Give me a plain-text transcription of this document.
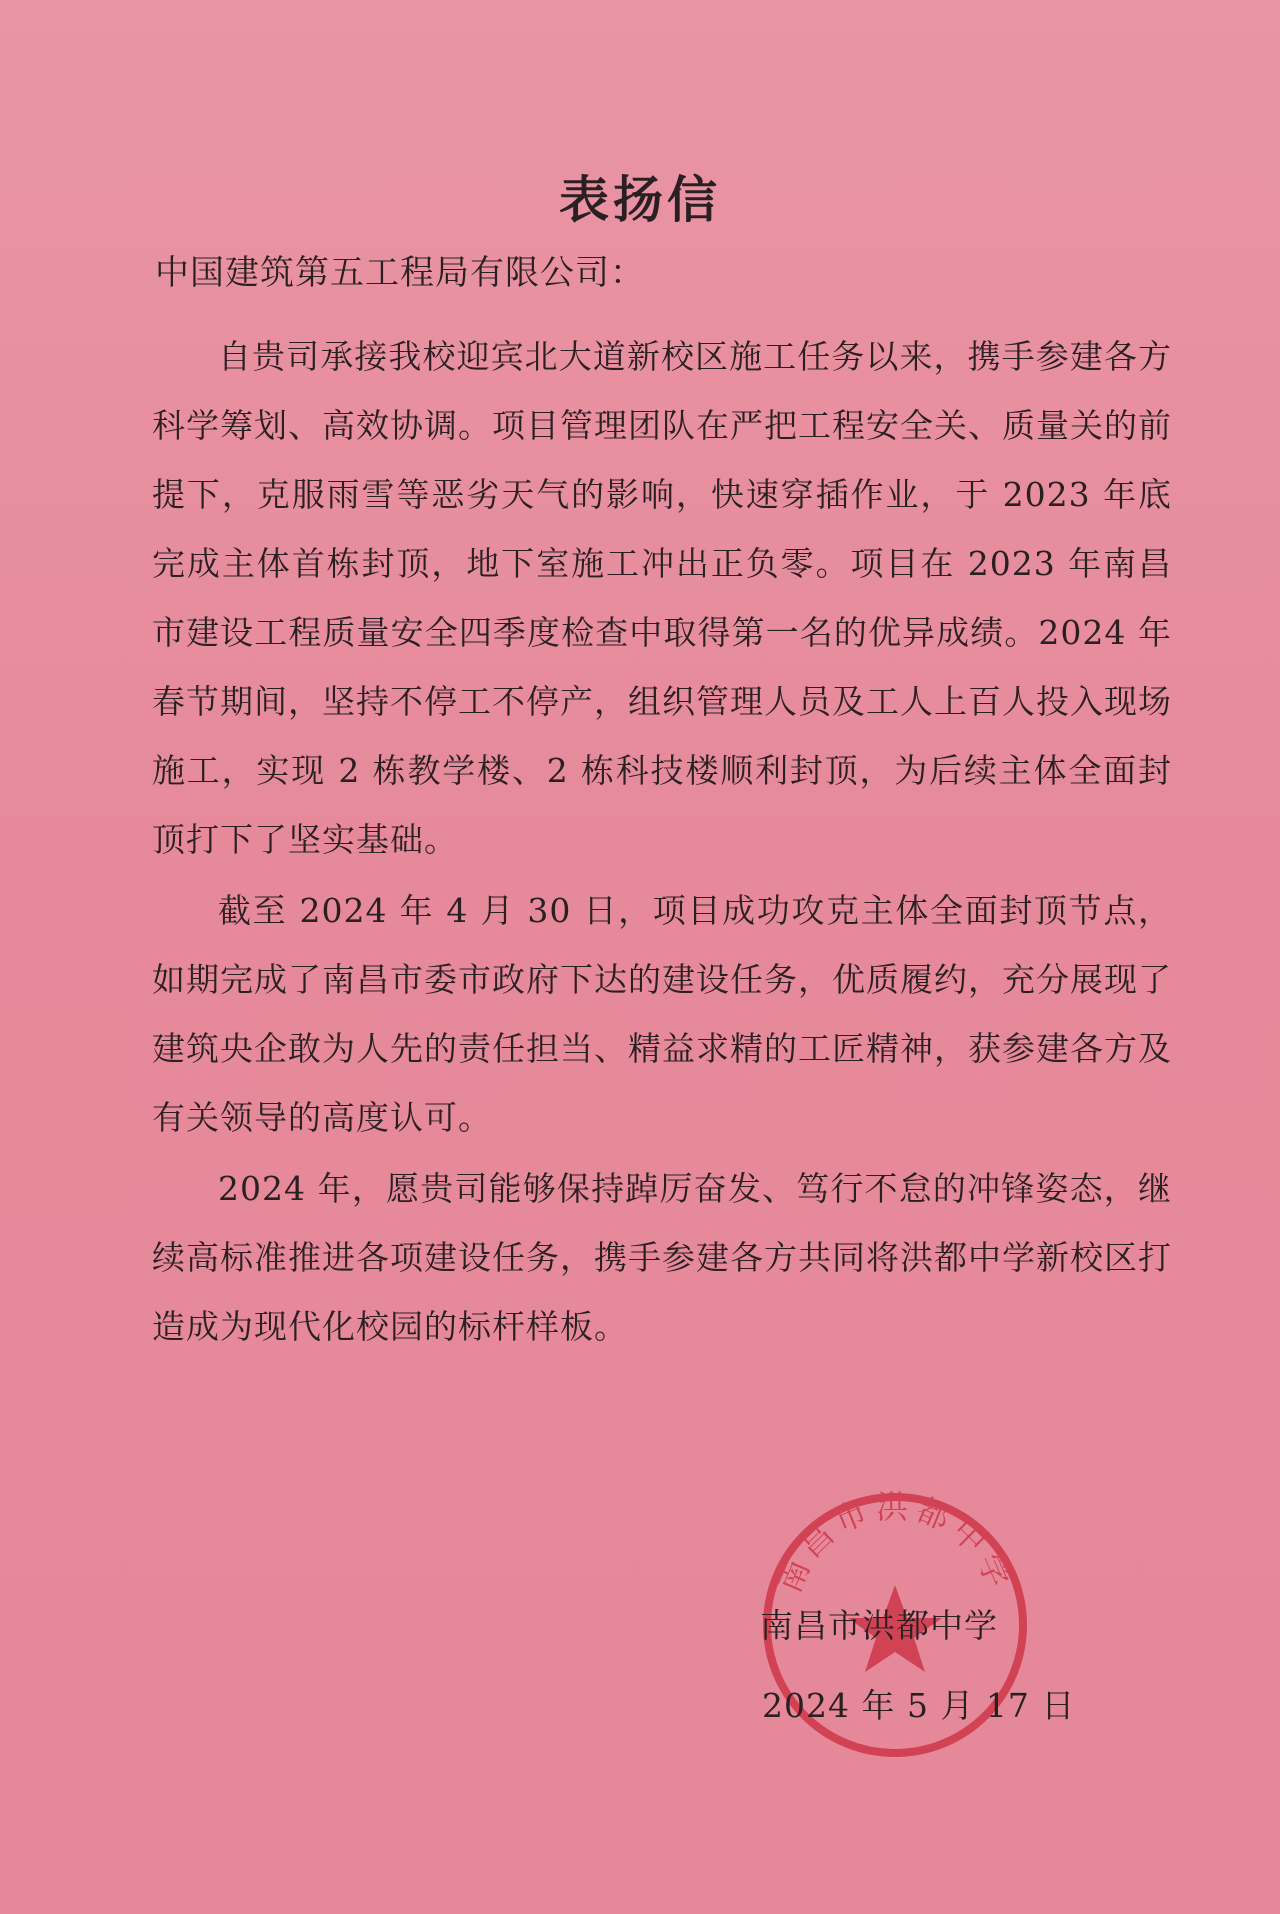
表扬信
中国建筑第五工程局有限公司：

自贵司承接我校迎宾北大道新校区施工任务以来，携手参建各方科学筹划、高效协调。项目管理团队在严把工程安全关、质量关的前提下，克服雨雪等恶劣天气的影响，快速穿插作业，于 2023 年底完成主体首栋封顶，地下室施工冲出正负零。项目在 2023 年南昌市建设工程质量安全四季度检查中取得第一名的优异成绩。2024 年春节期间，坚持不停工不停产，组织管理人员及工人上百人投入现场施工，实现 2 栋教学楼、2 栋科技楼顺利封顶，为后续主体全面封顶打下了坚实基础。

截至 2024 年 4 月 30 日，项目成功攻克主体全面封顶节点，如期完成了南昌市委市政府下达的建设任务，优质履约，充分展现了建筑央企敢为人先的责任担当、精益求精的工匠精神，获参建各方及有关领导的高度认可。

2024 年，愿贵司能够保持踔厉奋发、笃行不怠的冲锋姿态，继续高标准推进各项建设任务，携手参建各方共同将洪都中学新校区打造成为现代化校园的标杆样板。

南昌市洪都中学
南昌市洪都中学
2024 年 5 月 17 日
